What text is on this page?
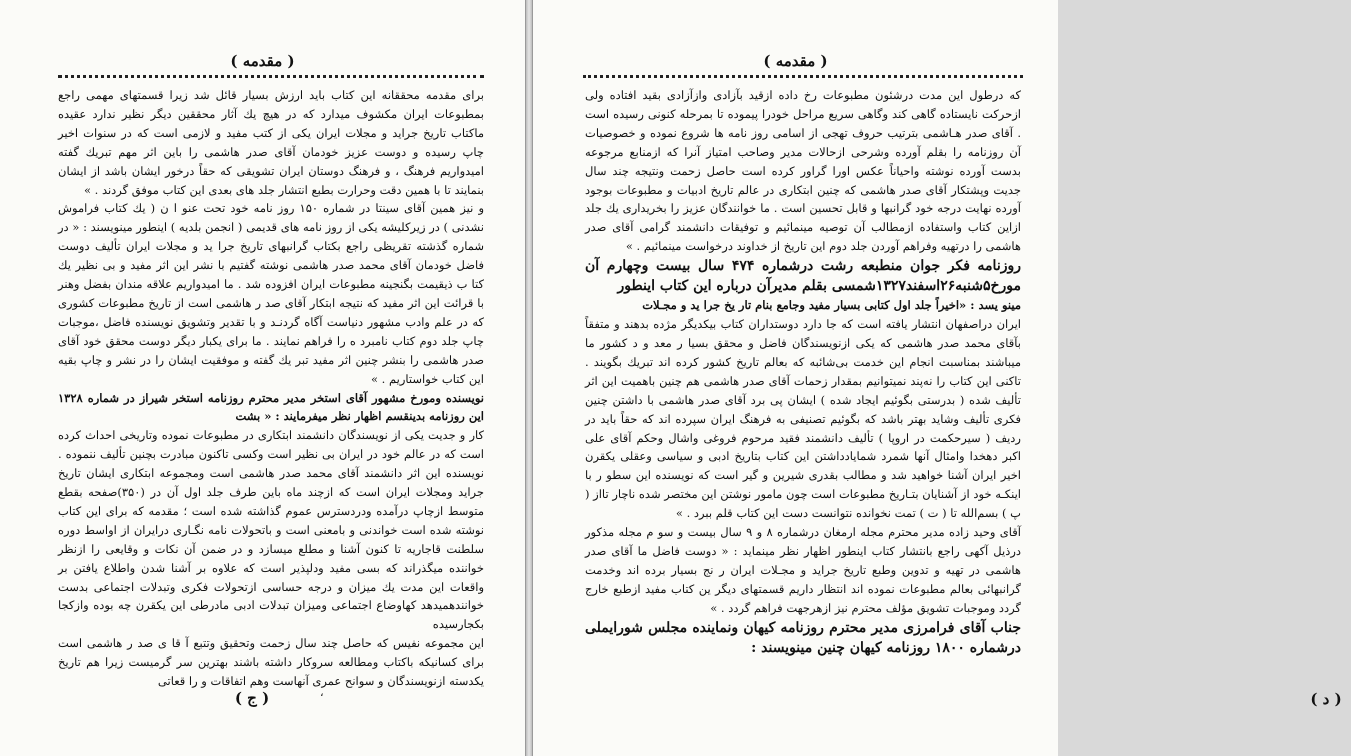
( مقدمه )

برای مقدمه محققانه این کتاب باید ارزش بسیار قائل شد زیرا قسمتهای مهمی راجع بمطبوعات ایران مکشوف میدارد که در هیچ یك آثار محققین دیگر نظیر ندارد عقیده ماکتاب تاریخ جراید و مجلات ایران یکی از کتب مفید و لازمی است که در سنوات اخیر چاپ رسیده و دوست عزیز خودمان آقای صدر هاشمی را باین اثر مهم تبریك گفته امیدواریم فرهنگ ، و فرهنگ دوستان ایران تشویقی که حقاً درخور ایشان باشد از ایشان بنمایند تا با همین دقت وحرارت بطبع انتشار جلد های بعدی این کتاب موفق گردند . »

و نیز همین آقای سینتا در شماره ۱۵۰ روز نامه خود تحت عنو ا ن ( یك کتاب فراموش نشدنی ) در زیرکلیشه یکی از روز نامه های قدیمی ( انجمن بلدیه ) اینطور مینویسند : « در شماره گذشته تقریظی راجع بکتاب گرانبهای تاریخ جرا ید و مجلات ایران تألیف دوست فاضل خودمان آقای محمد صدر هاشمی نوشته گفتیم با نشر این اثر مفید و بی نظیر یك کتا ب ذیقیمت بگنجینه مطبوعات ایران افزوده شد . ما امیدواریم علاقه مندان بفضل وهنر با قرائت این اثر مفید که نتیجه ابتکار آقای صد ر هاشمی است از تاریخ مطبوعات کشوری که در علم وادب مشهور دنیاست آگاه گردنـد و با تقدیر وتشویق نویسنده فاضل ،موجبات چاپ جلد دوم کتاب نامبرد ه را فراهم نمایند . ما برای یکبار دیگر دوست محقق خود آقای صدر هاشمی را بنشر چنین اثر مفید تبر یك گفته و موفقیت ایشان را در نشر و چاپ بقیه این کتاب خواستاریم . »

نویسنده ومورخ مشهور آقای استخر مدیر محترم روزنامه استخر شیراز در شماره ۱۳۲۸ این روزنامه بدینقسم اظهار نظر میفرمایند : « بشت

کار و جدیت یکی از نویسندگان دانشمند ابتکاری در مطبوعات نموده وتاریخی احداث کرده است که در عالم خود در ایران بی نظیر است وکسی تاکنون مبادرت بچنین تألیف ننموده . نویسنده این اثر دانشمند آقای محمد صدر هاشمی است ومجموعه ابتکاری ایشان تاریخ جراید ومجلات ایران است که ازچند ماه باین طرف جلد اول آن در (۳۵۰)صفحه بقطع متوسط ازچاپ درآمده ودردسترس عموم گذاشته شده است ؛ مقدمه که برای این کتاب نوشته شده است خواندنی و بامعنی است و باتحولات نامه نگـاری درایران از اواسط دوره سلطنت قاجاریه تا کنون آشنا و مطلع میسازد و در ضمن آن نکات و وقایعی را ازنظر خواننده میگذراند که بسی مفید ودلپذیر است که علاوه بر آشنا شدن واطلاع یافتن بر واقعات این مدت یك میزان و درجه حساسی ازتحولات فکری وتبدلات اجتماعی بدست خوانندهمیدهد کهاوضاع اجتماعی ومیزان تبدلات ادبی مادرطی این یکقرن چه بوده وازکجا بکجارسیده

این مجموعه نفیس که حاصل چند سال زحمت وتحقیق وتتبع آ قا ی صد ر هاشمی است برای کسانیکه باکتاب ومطالعه سروکار داشته باشند بهترین سر گرمیست زیرا هم تاریخ یکدسته ازنویسندگان و سوانح عمری آنهاست وهم اتفاقات و را قعاتی

( ج )	،
( مقدمه )

که درطول این مدت درشئون مطبوعات رخ داده ازقید بآزادی وازآزادی بقید افتاده ولی ازحرکت نایستاده گاهی کند وگاهی سریع مراحل خودرا پیموده تا بمرحله کنونی رسیده است . آقای صدر هـاشمی بترتیب حروف تهجی از اسامی روز نامه ها شروع نموده و خصوصیات آن روزنامه را بقلم آورده وشرحی ازحالات مدیر وصاحب امتیاز آنرا که ازمنابع مرجوعه بدست آورده نوشته واحیاناً عکس اورا گراور کرده است حاصل زحمت ونتیجه چند سال جدیت وپشتکار آقای صدر هاشمی که چنین ابتکاری در عالم تاریخ ادبیات و مطبوعات بوجود آورده نهایت درجه خود گرانبها و قابل تحسین است . ما خوانندگان عزیز را بخریداری یك جلد ازاین کتاب واستفاده ازمطالب آن توصیه مینمائیم و توفیقات دانشمند گرامی آقای صدر هاشمی را درتهیه وفراهم آوردن جلد دوم این تاریخ از خداوند درخواست مینمائیم . »

روزنامه فکر جوان منطبعه رشت درشماره ۴۷۴ سال بیست وچهارم آن مورخ۵شنبه۲۶اسفند۱۳۲۷شمسی بقلم مدیرآن درباره این کتاب اینطور

مینو یسد : «اخیراً جلد اول کتابی بسیار مفید وجامع بنام تار یخ جرا ید و مجـلات

ایران دراصفهان انتشار یافته است که جا دارد دوستداران کتاب بیکدیگر مژده بدهند و متفقاً بآقای محمد صدر هاشمی که یکی ازنویسندگان فاضل و محقق بسیا ر معد و د کشور ما میباشند بمناسبت انجام این خدمت بی‌شائبه که بعالم تاریخ کشور کرده اند تبریك بگویند . تاکنی این کتاب را نه‌پند نمیتوانیم بمقدار زحمات آقای صدر هاشمی هم چنین باهمیت این اثر تألیف شده ( بدرستی بگوئیم ایجاد شده ) ایشان پی برد آقای صدر هاشمی با داشتن چنین فکری تألیف وشاید بهتر باشد که بگوئیم تصنیفی به فرهنگ ایران سپرده اند که حقاً باید در ردیف ( سیرحکمت در اروپا ) تألیف دانشمند فقید مرحوم فروغی واشال وحکم آقای علی اکبر دهخدا وامثال آنها شمرد شمایادداشتن این کتاب بتاریخ ادبی و سیاسی وعقلی یکقرن اخیر ایران آشنا خواهید شد و مطالب بقدری شیرین و گیر است که نویسنده این سطو ر با اینکـه خود از آشنایان بتـاریخ مطبوعات است چون مامور نوشتن این مختصر شده ناچار تااز ( پ ) بسم‌الله تا ( ت ) تمت نخوانده نتوانست دست این کتاب قلم ببرد . »

آقای وحید زاده مدیر محترم مجله ارمغان درشماره ۸ و ۹ سال بیست و سو م مجله مذکور درذیل آکهی راجع بانتشار کتاب اینطور اظهار نظر مینماید : « دوست فاضل ما آقای صدر هاشمی در تهیه و تدوین وطبع تاریخ جراید و مجـلات ایران ر نج بسیار برده اند وخدمت گرانبهائی بعالم مطبوعات نموده اند انتظار داریم قسمتهای دیگر ین کتاب مفید ازطبع خارج گردد وموجبات تشویق مؤلف محترم نیز ازهرجهت فراهم گردد . »

جناب آقای فرامرزی مدیر محترم روزنامه کیهان ونماینده مجلس شورایملی درشماره ۱۸۰۰ روزنامه کیهان چنین مینویسند :

( د )
